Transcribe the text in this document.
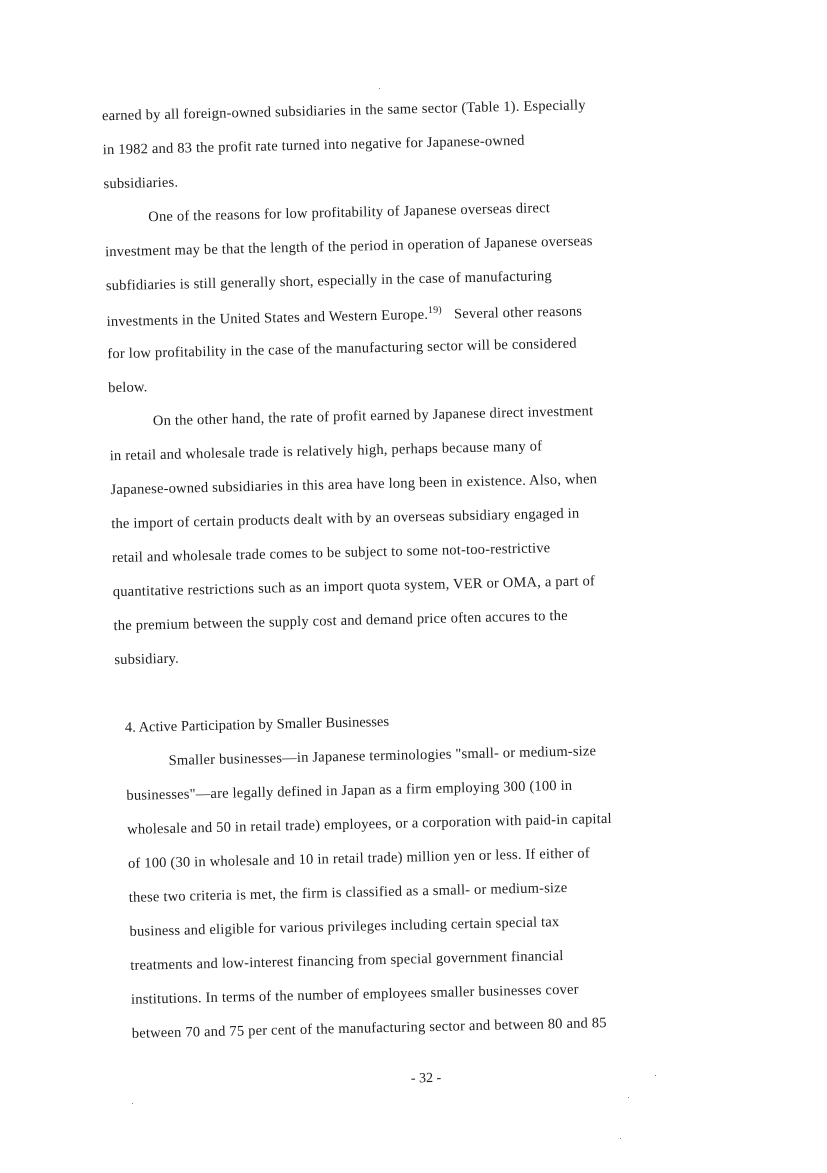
earned by all foreign-owned subsidiaries in the same sector (Table 1). Especially
in 1982 and 83 the profit rate turned into negative for Japanese-owned
subsidiaries.
One of the reasons for low profitability of Japanese overseas direct
investment may be that the length of the period in operation of Japanese overseas
subfidiaries is still generally short, especially in the case of manufacturing
investments in the United States and Western Europe.$^{19)}$ Several other reasons
for low profitability in the case of the manufacturing sector will be considered
below.
On the other hand, the rate of profit earned by Japanese direct investment
in retail and wholesale trade is relatively high, perhaps because many of
Japanese-owned subsidiaries in this area have long been in existence. Also, when
the import of certain products dealt with by an overseas subsidiary engaged in
retail and wholesale trade comes to be subject to some not-too-restrictive
quantitative restrictions such as an import quota system, VER or OMA, a part of
the premium between the supply cost and demand price often accures to the
subsidiary.
4. Active Participation by Smaller Businesses
Smaller businesses—in Japanese terminologies "small- or medium-size
businesses"—are legally defined in Japan as a firm employing 300 (100 in
wholesale and 50 in retail trade) employees, or a corporation with paid-in capital
of 100 (30 in wholesale and 10 in retail trade) million yen or less. If either of
these two criteria is met, the firm is classified as a small- or medium-size
business and eligible for various privileges including certain special tax
treatments and low-interest financing from special government financial
institutions. In terms of the number of employees smaller businesses cover
between 70 and 75 per cent of the manufacturing sector and between 80 and 85
- 32 -
